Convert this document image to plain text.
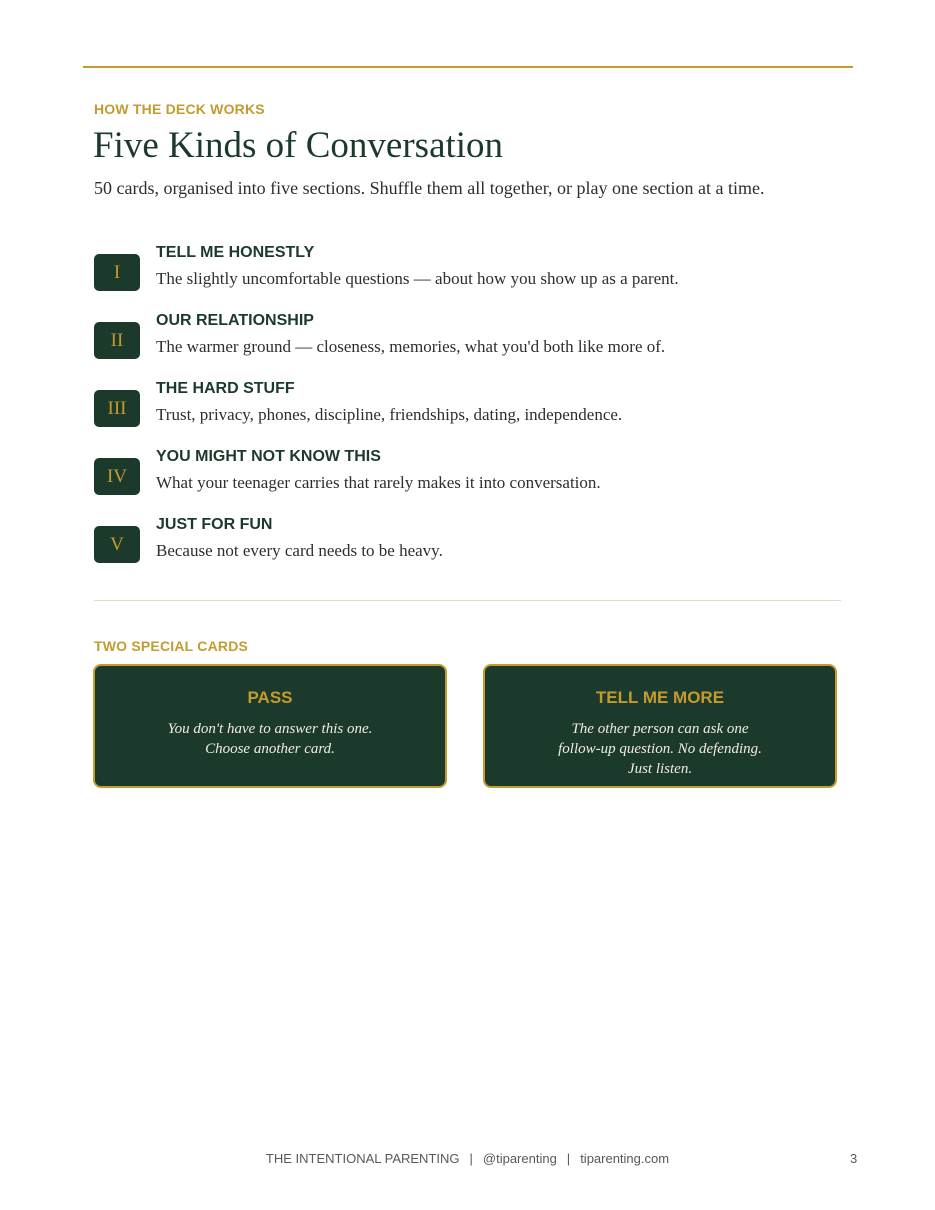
HOW THE DECK WORKS
Five Kinds of Conversation
50 cards, organised into five sections. Shuffle them all together, or play one section at a time.
I
TELL ME HONESTLY
The slightly uncomfortable questions — about how you show up as a parent.
II
OUR RELATIONSHIP
The warmer ground — closeness, memories, what you'd both like more of.
III
THE HARD STUFF
Trust, privacy, phones, discipline, friendships, dating, independence.
IV
YOU MIGHT NOT KNOW THIS
What your teenager carries that rarely makes it into conversation.
V
JUST FOR FUN
Because not every card needs to be heavy.
TWO SPECIAL CARDS
PASS
You don't have to answer this one.
Choose another card.
TELL ME MORE
The other person can ask one
follow-up question. No defending.
Just listen.
THE INTENTIONAL PARENTING | @tiparenting | tiparenting.com	3
